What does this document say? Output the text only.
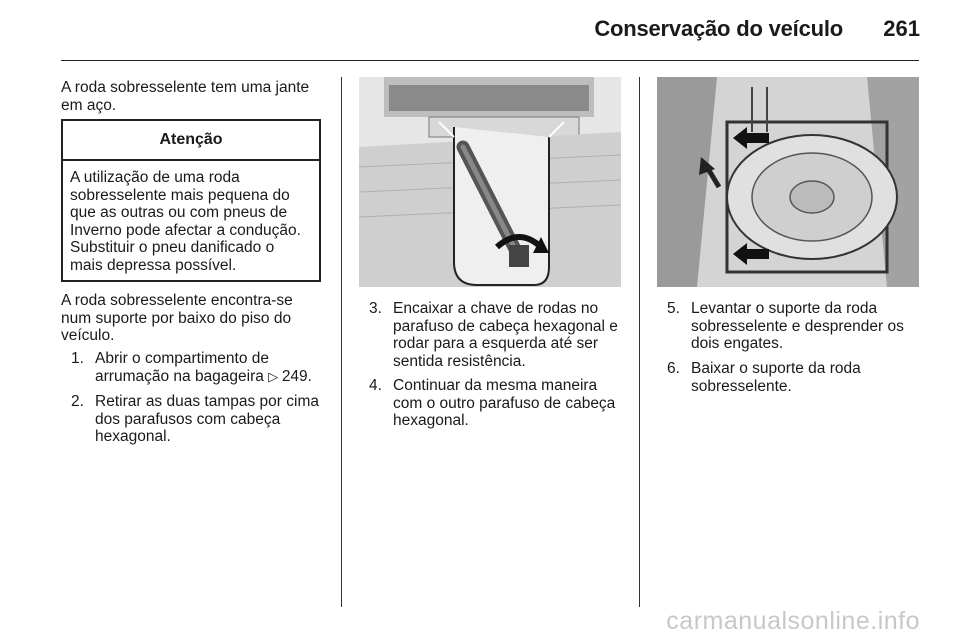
Conservação do veículo 261

A roda sobresselente tem uma jante em aço.

Atenção
A utilização de uma roda sobresselente mais pequena do que as outras ou com pneus de Inverno pode afectar a condução. Substituir o pneu danificado o mais depressa possível.

A roda sobresselente encontra-se num suporte por baixo do piso do veículo.

1. Abrir o compartimento de arrumação na bagageira ▷ 249.
2. Retirar as duas tampas por cima dos parafusos com cabeça hexagonal.
3. Encaixar a chave de rodas no parafuso de cabeça hexagonal e rodar para a esquerda até ser sentida resistência.
4. Continuar da mesma maneira com o outro parafuso de cabeça hexagonal.
5. Levantar o suporte da roda sobresselente e desprender os dois engates.
6. Baixar o suporte da roda sobresselente.
carmanualsonline.info
